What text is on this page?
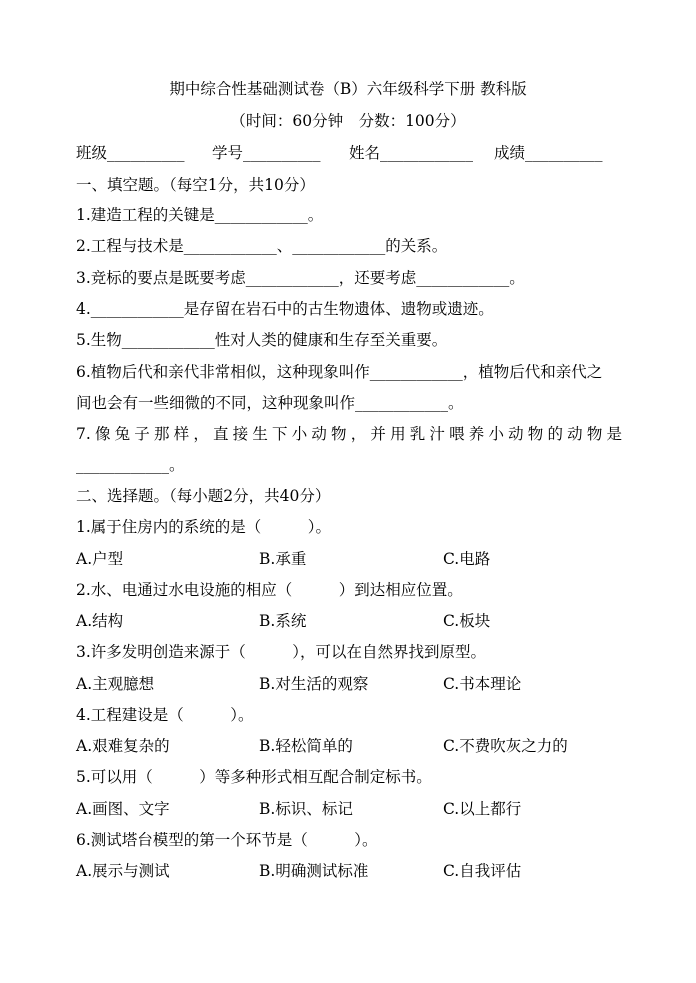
期中综合性基础测试卷（B）六年级科学下册 教科版
（时间：60分钟　分数：100分）
班级__________ 学号__________ 姓名____________ 成绩__________
一、填空题。（每空1分，共10分）
1.建造工程的关键是____________。
2.工程与技术是____________、____________的关系。
3.竞标的要点是既要考虑____________，还要考虑____________。
4.____________是存留在岩石中的古生物遗体、遗物或遗迹。
5.生物____________性对人类的健康和生存至关重要。
6.植物后代和亲代非常相似，这种现象叫作____________，植物后代和亲代之
间也会有一些细微的不同，这种现象叫作____________。
7.像兔子那样，直接生下小动物，并用乳汁喂养小动物的动物是
____________。
二、选择题。（每小题2分，共40分）
1.属于住房内的系统的是（　　　）。
A.户型	B.承重	C.电路
2.水、电通过水电设施的相应（　　　）到达相应位置。
A.结构	B.系统	C.板块
3.许多发明创造来源于（　　　），可以在自然界找到原型。
A.主观臆想	B.对生活的观察	C.书本理论
4.工程建设是（　　　）。
A.艰难复杂的	B.轻松简单的	C.不费吹灰之力的
5.可以用（　　　）等多种形式相互配合制定标书。
A.画图、文字	B.标识、标记	C.以上都行
6.测试塔台模型的第一个环节是（　　　）。
A.展示与测试	B.明确测试标准	C.自我评估
